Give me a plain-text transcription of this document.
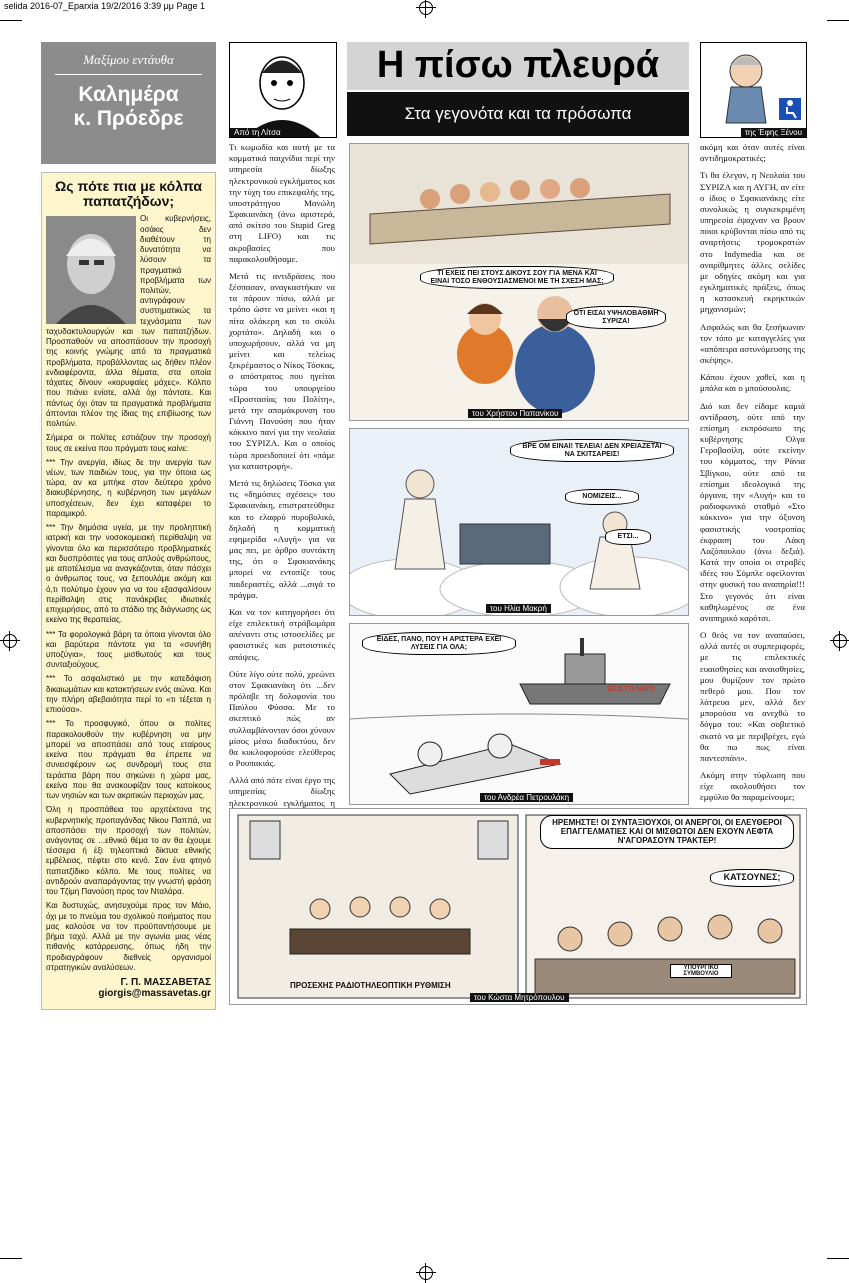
selida 2016-07_Eparxia 19/2/2016 3:39 μμ Page 1
Μαξίμου εντάυθα
Καλημέρα
κ. Πρόεδρε
Ως πότε πια με κόλπα παπατζήδων;

Οι κυβερνήσεις, οσάκις δεν διαθέτουν τη δυνατότητα να λύσουν τα πραγματικά προβλήματα των πολιτών, αντιγράφουν συστηματικώς τα τεχνάσματα των ταχυδακτυλουργών και των παπατζήδων. Προσπαθούν να αποσπάσουν την προσοχή της κοινής γνώμης από τα πραγματικά προβλήματα, προβάλλοντας ως δήθεν πλέον ενδιαφέροντα, άλλα θέματα, στα οποία τάχατες δίνουν «κορυφαίες μάχες». Κόλπο που πιάνει ενίοτε, αλλά όχι πάντοτε. Και πάντως όχι όταν τα πραγματικά προβλήματα άπτονται πλέον της ίδιας της επιβίωσης των πολιτών.

Σήμερα οι πολίτες εστιάζουν την προσοχή τους σε εκείνα που πράγματι τους καίνε:

*** Την ανεργία, ιδίως δε την ανεργία των νέων, των παιδιών τους, για την όποια ως τώρα, αν κα μπήκε στον δεύτερο χρόνο διακυβέρνησης, η κυβέρνηση των μεγάλων υποσχέσεων, δεν έχει καταφέρει το παραμικρό.

*** Την δημόσια υγεία, με την προληπτική ιατρική και την νοσοκομειακή περίθαλψη να γίνονται όλο και περισσότερο προβληματικές και δυσπρόσιτες για τους απλούς ανθρώπους, με αποτέλεσμα να αναγκάζονται, όταν πάσχει ο άνθρωπος τους, να ξεπουλάμε ακόμη και ό,τι πολύτιμο έχουν για να του εξασφαλίσουν περίθαλψη στις πανάκριβες ιδιωτικές επιχειρήσεις, από το στάδιο της διάγνωσης ως εκείνο της θεραπείας.

*** Τα φορολογικά βάρη τα όποια γίνονται όλο και βαρύτερα πάντοτε για τα «συνήθη υποζύγια», τους μισθωτούς και τους συνταξιούχους.

*** Το ασφαλιστικό με την κατεδάφιση δικαιωμάτων και κατακτήσεων ενός αιώνα. Και την πλήρη αβεβαιότητα περί το «τι τέξεται η επιούσα».

*** Το προσφυγικό, όπου οι πολίτες παρακολουθούν την κυβέρνηση να μην μπορεί να αποσπάσει από τους εταίρους εκείνα που πράγματι θα έπρεπε να συνεισφέρουν ως συνδρομή τους στα τεράστια βάρη που σηκώνει η χώρα μας, εκείνα που θα ανακουφίζαν τους κατοίκους των νησιών και των ακριτικών περιοχών μας.

Όλη η προσπάθεια του αρχιτέκτονα της κυβερνητικής προπαγάνδας Νίκου Παππά, να αποσπάσει την προσοχή των πολιτών, ανάγοντας σε ...εθνικό θέμα το αν θα έχουμε τέσσερα ή έξι τηλεοπτικά δίκτυα εθνικής εμβέλειας, πέφτει στο κενό. Σαν ένα φτηνό παπατζίδικο κόλπο. Με τους πολίτες να αντιδρούν αναπαράγοντας την γνωστή φράση του Τζίμη Πανούση προς τον Νταλάρα.

Και δυστυχώς, ανησυχούμε προς τον Μάιο, όχι με το πνεύμα του σχολικού ποιήματος που μας καλούσε να τον προϋπαντήσουμε με βήμα ταχύ. Αλλά με την αγωνία μιας νέας πιθανής κατάρρευσης, όπως ήδη την προδιαγράφουν διεθνείς οργανισμοί στρατηγικών αναλύσεων.

Γ. Π. ΜΑΣΣΑΒΕΤΑΣ
giorgis@massavetas.gr
Από τη Λίτσα

Τι κωμωδία και αυτή με τα κομματικά παιχνίδια περί την υπηρεσία δίωξης ηλεκτρονικού εγκλήματος και την τύχη του επικεφαλής της, υποστράτηγου Μανώλη Σφακιανάκη (άνω αριστερά, από σκίτσο του Stupid Greg στη LIFO) και τις ακροβασίες που παρακολουθήσαμε.

Μετά τις αντιδράσεις που ξέσπασαν, αναγκαστήκαν να τα πάρουν πίσω, αλλά με τρόπο ώστε να μείνει «και η πίτα ολάκερη και το σκύλι χορτάτο». Δηλαδή και ο υποχωρήσουν, αλλά να μη μείνει και τελείως ξεκρέμαστος ο Νίκος Τόσκας, ο απόστρατος που ηγείται τώρα του υπουργείου «Προστασίας του Πολίτη», μετά την απομάκρυνση του Γιάννη Πανούση που ήταν κόκκινο πανί για την νεολαία του ΣΥΡΙΖΑ. Και ο οποίος τώρα προειδοποιεί ότι «πάμε για καταστροφή».

Μετά τις δηλώσεις Τόσκα για τις «δημόσιες σχέσεις» του Σφακιανάκη, επιστρατεύθηκε και το ελαφρύ πυροβολικό, δηλαδή η κομματική εφημερίδα «Αυγή» για να μας πει, με άρθρο συντάκτη της, ότι ο Σφακιανάκης μπορεί να εντοπίζε τους παιδεραστές, αλλά ...σιγά το πράγμα.

Και να τον κατηγορήσει ότι είχε επιλεκτική στράβωμάρα απέναντι στις ιστοσελίδες με φασιστικές και ρατσιστικές απόψεις.

Ούτε λίγο ούτε πολύ, χρεώνει στον Σφακιανάκη ότι ...δεν πρόλαβε τη δολοφονία του Παύλου Φύσσα. Με το σκεπτικό πώς αν συλλαμβάνονταν όσοι χύνουν μίσος μέσω διαδικτύου, δεν θα κυκλοφορούσε ελεύθερος ο Ρουπακιάς.

Αλλά από πότε είναι έργο της υπηρεσίας δίωξης ηλεκτρονικού εγκλήματος η

Η πίσω πλευρά
Στα γεγονότα και τα πρόσωπα
ΤΙ ΕΧΕΙΣ ΠΕΙ ΣΤΟΥΣ ΔΙΚΟΥΣ ΣΟΥ ΓΙΑ ΜΕΝΑ ΚΑΙ ΕΙΝΑΙ ΤΟΣΟ ΕΝΘΟΥΣΙΑΣΜΕΝΟΙ ΜΕ ΤΗ ΣΧΕΣΗ ΜΑΣ;
ΟΤΙ ΕΙΣΑΙ ΥΨΗΛΟΒΑΘΜΗ ΣΥΡΙΖΑ!
του Χρήστου Παπανίκου
ΒΡΕ ΟΜ ΕΙΝΑΙ! ΤΕΛΕΙΑ! ΔΕΝ ΧΡΕΙΑΖΕΤΑΙ ΝΑ ΣΚΙΤΣΑΡΕΙΣ!
ΝΟΜΙΖΕΙΣ...
ΕΤΣΙ...
του Ηλία Μακρή
ΕΙΔΕΣ, ΠΑΝΟ, ΠΟΥ Η ΑΡΙΣΤΕΡΑ ΕΧΕΙ ΛΥΣΕΙΣ ΓΙΑ ΟΛΑ;
ΕΣΩ ΤΟ ΝΑΤΟ
του Ανδρέα Πετρουλάκη
της Έφης Ξένου

ακόμη και όταν αυτές είναι αντιδημοκρατικές;

Τι θα έλεγαν, η Νεολαία του ΣΥΡΙΖΑ και η ΑΥΓΗ, αν είτε ο ίδιος ο Σφακιανάκης είτε συνολικώς η συγκεκριμένη υπηρεσία έψαχναν να βρουν ποιοι κρύβονται πίσω από τις αναρτήσεις τρομοκρατών στο Indymedia και σε αναρίθμητες άλλες σελίδες με οδηγίες ακόμη και για εγκληματικές πράξεις, όπως η κατασκευή εκρηκτικών μηχανισμών;

Ασφαλώς και θα ξεσήκωναν τον τόπο με καταγγελίες για «απόπειρα αστυνόμευσης της σκέψης».

Κάπου έχουν χαθεί, και η μπάλα και ο μπούσουλας.

Διό και δεν είδαμε καμιά αντίδραση, ούτε από την επίσημη εκπρόσωπο της κυβέρνησης Όλγα Γεροβασίλη, ούτε εκείνην του κόμματος, την Ράνια Σβίγκου, ούτε από τα επίσημα ιδεολογικά της όργανα, την «Αυγή» και το ραδιοφωνικό σταθμό «Στο κόκκινο» για την όξυνση φασιστικής νοοτροπίας έκφραση του Λάκη Λαζόπουλου (άνω δεξιά). Κατά την οποία οι στραβές ιδέες του Σόμπλε οφείλονται στην φυσική του αναπηρία!!! Στο γεγονός ότι είναι καθηλωμένος σε ένα αναπηρικό καρότσι.

Ο θεός να τον αναπαύσει, αλλά αυτές οι συμπεριφορές, με τις επιλεκτικές ευαισθησίες και αναισθησίες, μου θυμίζουν τον πρώτο πεθερό μου. Που τον λάτρευα μεν, αλλά δεν μπορούσα να ανεχθώ το δόγμα του: «Και σοβιετικό σκατό να με περιβρέχει, εγώ θα πω πως είναι παντεσπάνι».

Ακόμη στην τύφλωση που είχε ακολουθήσει τον εμφύλιο θα παραμείνουμε;

ΠΡΟΣΕΧΗΣ ΡΑΔΙΟΤΗΛΕΟΠΤΙΚΗ ΡΥΘΜΙΣΗ
ΗΡΕΜΗΣΤΕ! ΟΙ ΣΥΝΤΑΞΙΟΥΧΟΙ, ΟΙ ΑΝΕΡΓΟΙ, ΟΙ ΕΛΕΥΘΕΡΟΙ ΕΠΑΓΓΕΛΜΑΤΙΕΣ ΚΑΙ ΟΙ ΜΙΣΘΩΤΟΙ ΔΕΝ ΕΧΟΥΝ ΛΕΦΤΑ Ν'ΑΓΟΡΑΣΟΥΝ ΤΡΑΚΤΕΡ!
ΚΑΤΣΟΥΝΕΣ;
ΥΠΟΥΡΓΙΚΟ ΣΥΜΒΟΥΛΙΟ
του Κώστα Μητρόπουλου
